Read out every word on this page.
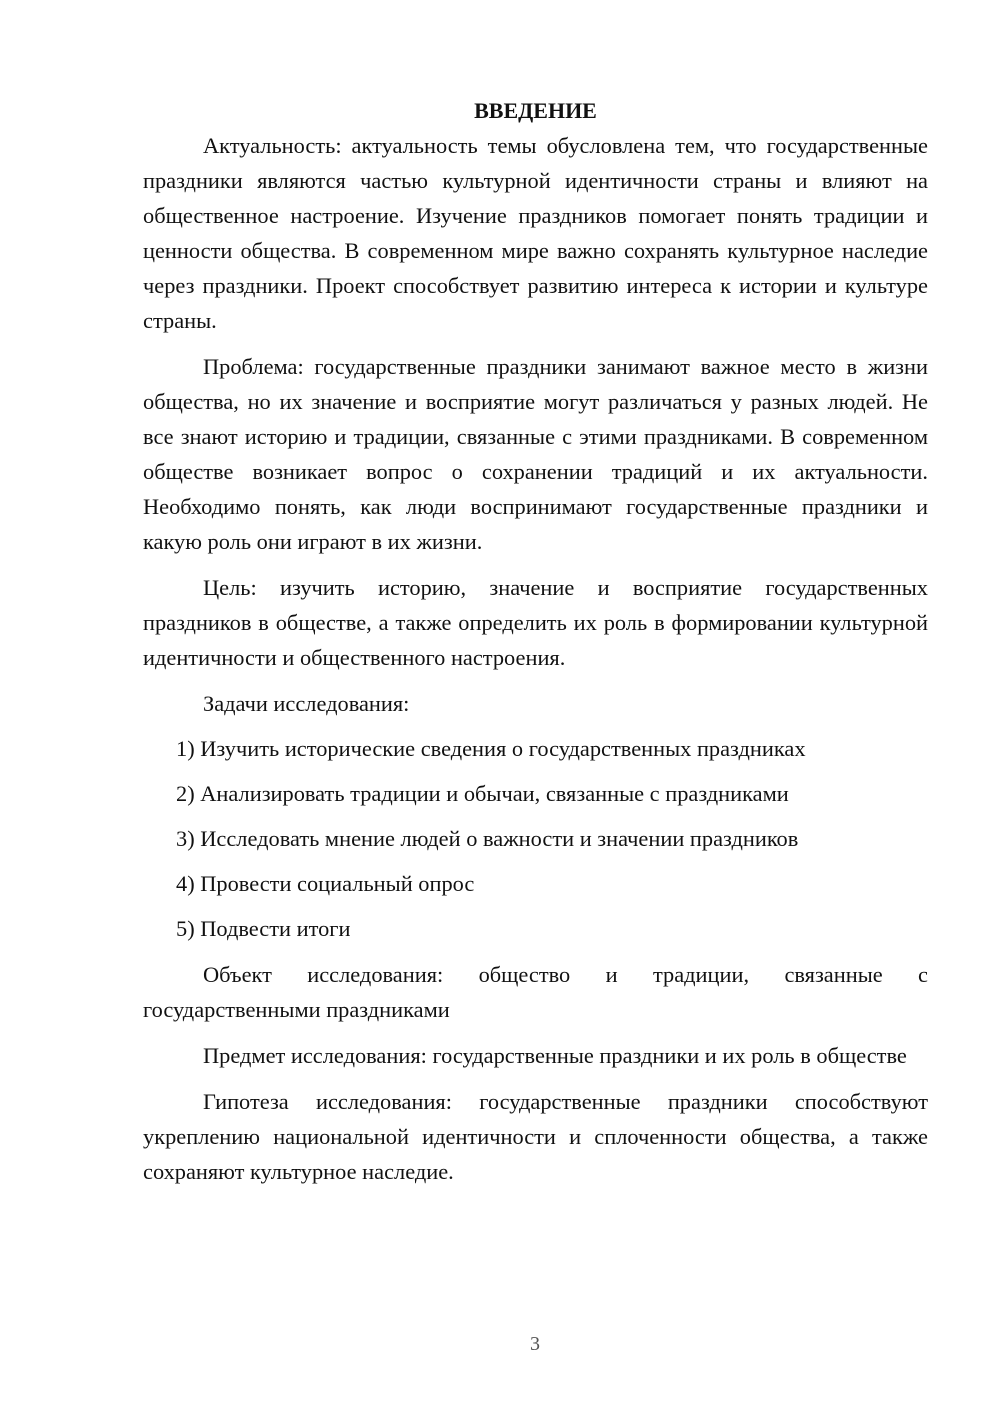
ВВЕДЕНИЕ

Актуальность: актуальность темы обусловлена тем, что государственные праздники являются частью культурной идентичности страны и влияют на общественное настроение. Изучение праздников помогает понять традиции и ценности общества. В современном мире важно сохранять культурное наследие через праздники. Проект способствует развитию интереса к истории и культуре страны.

Проблема: государственные праздники занимают важное место в жизни общества, но их значение и восприятие могут различаться у разных людей. Не все знают историю и традиции, связанные с этими праздниками. В современном обществе возникает вопрос о сохранении традиций и их актуальности. Необходимо понять, как люди воспринимают государственные праздники и какую роль они играют в их жизни.

Цель: изучить историю, значение и восприятие государственных праздников в обществе, а также определить их роль в формировании культурной идентичности и общественного настроения.

Задачи исследования:

1) Изучить исторические сведения о государственных праздниках

2) Анализировать традиции и обычаи, связанные с праздниками

3) Исследовать мнение людей о важности и значении праздников

4) Провести социальный опрос

5) Подвести итоги

Объект исследования: общество и традиции, связанные с государственными праздниками

Предмет исследования: государственные праздники и их роль в обществе

Гипотеза исследования: государственные праздники способствуют укреплению национальной идентичности и сплоченности общества, а также сохраняют культурное наследие.

3
